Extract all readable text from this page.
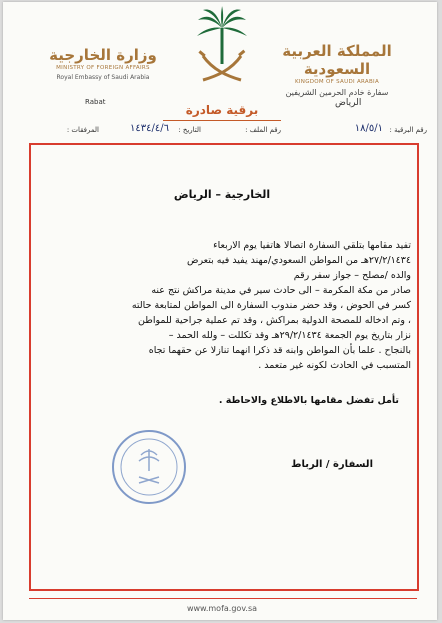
وزارة الخارجية
MINISTRY OF FOREIGN AFFAIRS
Royal Embassy of Saudi Arabia
المملكة العربية السعودية
KINGDOM OF SAUDI ARABIA
سفارة خادم الحرمين الشريفين
Rabat	الرياض
برقية صادرة
رقم البرقية :
١٨/٥/١
رقم الملف :
التاريخ :
١٤٣٤/٤/٦
المرفقات :
الخارجية – الرياض
تفيد مقامها بتلقي السفارة اتصالا هاتفيا يوم الاربعاء
٢٧/٢/١٤٣٤هـ من المواطن السعودي/مهند يفيد فيه بتعرض
والده /مصلح – جواز سفر رقم
صادر من مكة المكرمة – الى حادث سير في مدينة مراكش نتج عنه
كسر في الحوض ، وقد حضر مندوب السفارة الى المواطن لمتابعة حالته
، وتم ادخاله للمصحة الدولية بمراكش ، وقد تم عملية جراحية للمواطن
نزار بتاريخ يوم الجمعة ٢٩/٢/١٤٣٤هـ وقد تكللت – ولله الحمد –
بالنجاح . علما بأن المواطن وابنه قد ذكرا انهما تنازلا عن حقهما تجاه
المتسبب في الحادث لكونه غير متعمد .
تأمل تفضل مقامها بالاطلاع والاحاطة .
السفارة / الرباط
www.mofa.gov.sa
